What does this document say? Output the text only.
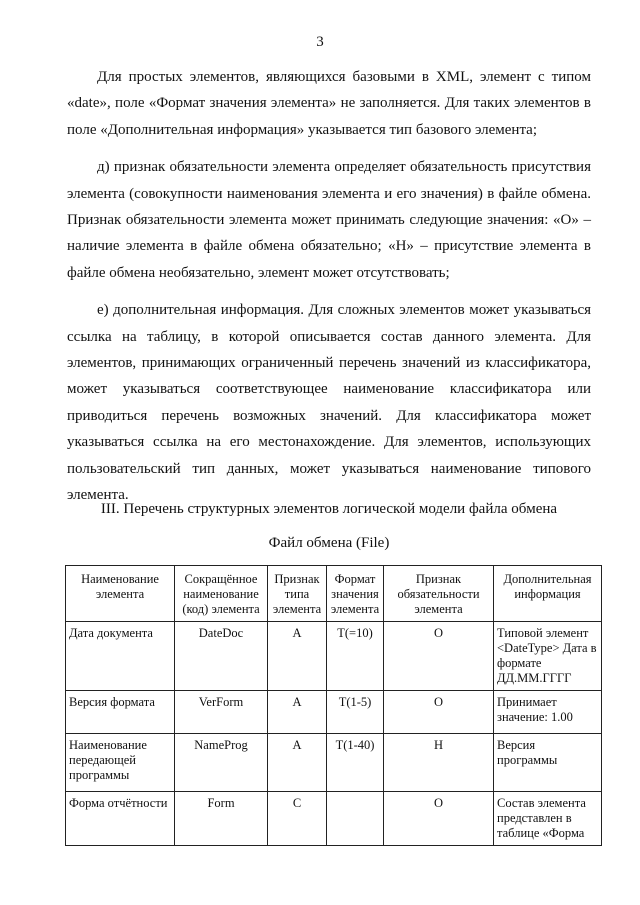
3

Для простых элементов, являющихся базовыми в XML, элемент с типом «date», поле «Формат значения элемента» не заполняется. Для таких элементов в поле «Дополнительная информация» указывается тип базового элемента;

д) признак обязательности элемента определяет обязательность присутствия элемента (совокупности наименования элемента и его значения) в файле обмена. Признак обязательности элемента может принимать следующие значения: «О» – наличие элемента в файле обмена обязательно; «Н» – присутствие элемента в файле обмена необязательно, элемент может отсутствовать;

е) дополнительная информация. Для сложных элементов может указываться ссылка на таблицу, в которой описывается состав данного элемента. Для элементов, принимающих ограниченный перечень значений из классификатора, может указываться соответствующее наименование классификатора или приводиться перечень возможных значений. Для классификатора может указываться ссылка на его местонахождение. Для элементов, использующих пользовательский тип данных, может указываться наименование типового элемента.

III. Перечень структурных элементов логической модели файла обмена
Файл обмена (File)
Наименование элемента	Сокращённое наименование (код) элемента	Признак типа элемента	Формат значения элемента	Признак обязательности элемента	Дополнительная информация
Дата документа	DateDoc	А	Т(=10)	О	Типовой элемент <DateType> Дата в формате ДД.ММ.ГГГГ
Версия формата	VerForm	А	Т(1-5)	О	Принимает значение: 1.00
Наименование передающей программы	NameProg	А	Т(1-40)	Н	Версия программы
Форма отчётности	Form	С		О	Состав элемента представлен в таблице «Форма
